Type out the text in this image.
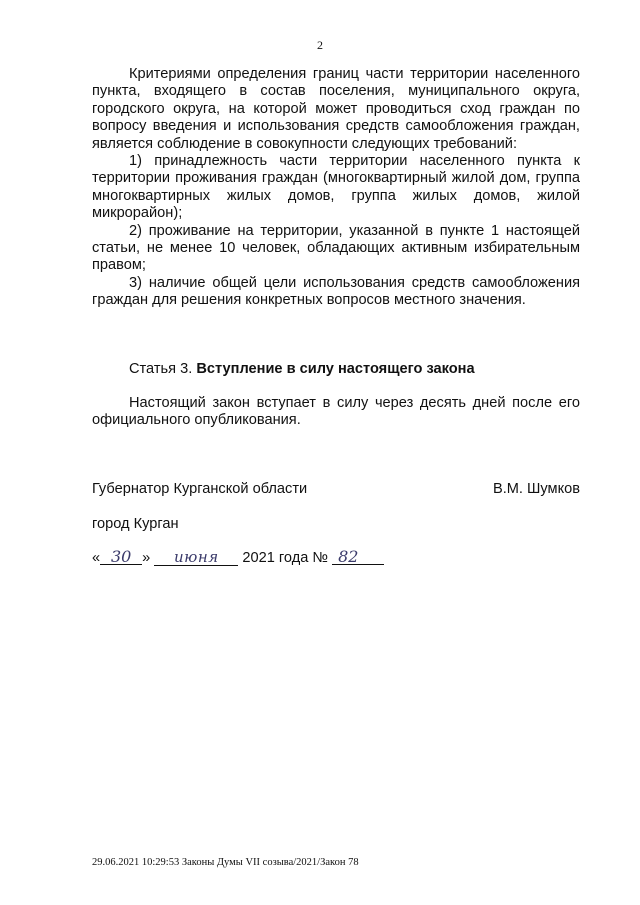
2

Критериями определения границ части территории населенного пункта, входящего в состав поселения, муниципального округа, городского округа, на которой может проводиться сход граждан по вопросу введения и использования средств самообложения граждан, является соблюдение в совокупности следующих требований:

1) принадлежность части территории населенного пункта к территории проживания граждан (многоквартирный жилой дом, группа многоквартирных жилых домов, группа жилых домов, жилой микрорайон);

2) проживание на территории, указанной в пункте 1 настоящей статьи, не менее 10 человек, обладающих активным избирательным правом;

3) наличие общей цели использования средств самообложения граждан для решения конкретных вопросов местного значения.

Статья 3. Вступление в силу настоящего закона

Настоящий закон вступает в силу через десять дней после его официального опубликования.

Губернатор Курганской области	В.М. Шумков
город Курган
« 30 » июня 2021 года № 82
29.06.2021 10:29:53 Законы Думы VII созыва/2021/Закон 78
